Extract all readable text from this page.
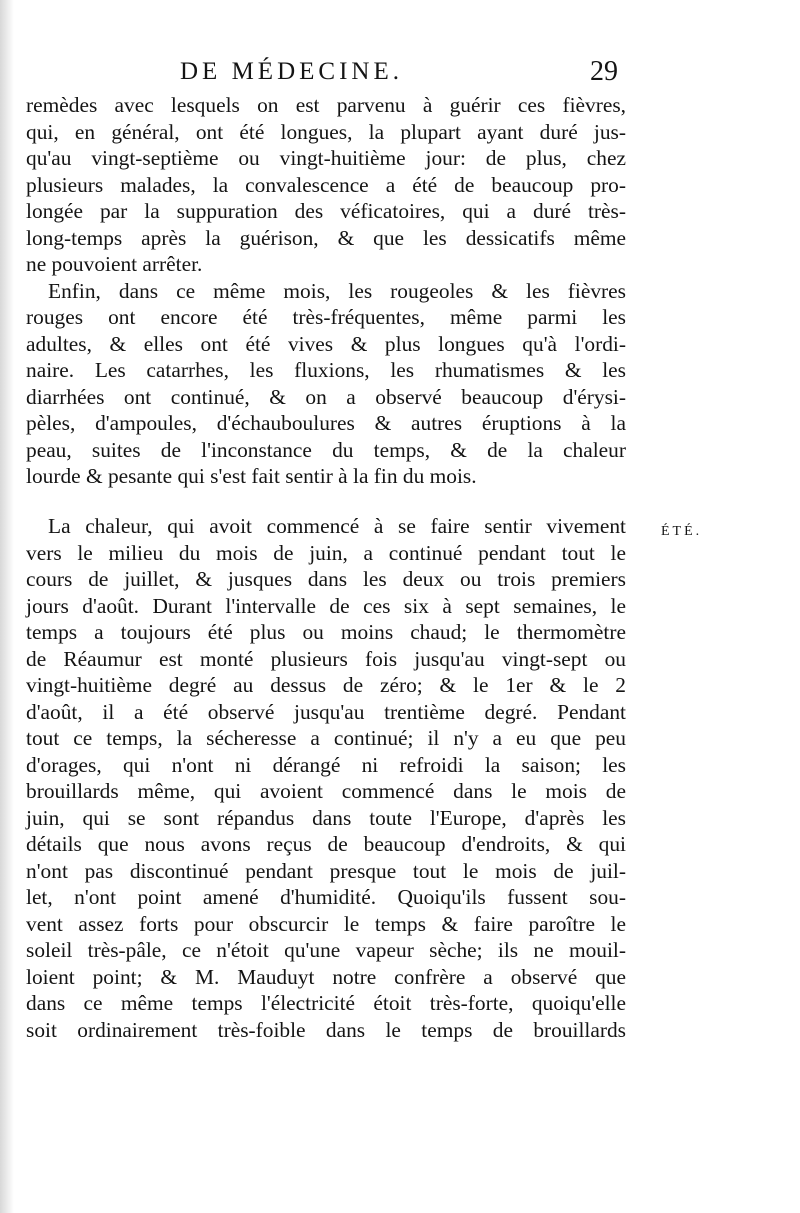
DE MÉDECINE.	29
remèdes avec lesquels on est parvenu à guérir ces fièvres,
qui, en général, ont été longues, la plupart ayant duré jus-
qu'au vingt-septième ou vingt-huitième jour: de plus, chez
plusieurs malades, la convalescence a été de beaucoup pro-
longée par la suppuration des véficatoires, qui a duré très-
long-temps après la guérison, & que les dessicatifs même
ne pouvoient arrêter.
Enfin, dans ce même mois, les rougeoles & les fièvres
rouges ont encore été très-fréquentes, même parmi les
adultes, & elles ont été vives & plus longues qu'à l'ordi-
naire. Les catarrhes, les fluxions, les rhumatismes & les
diarrhées ont continué, & on a observé beaucoup d'érysi-
pèles, d'ampoules, d'échauboulures & autres éruptions à la
peau, suites de l'inconstance du temps, & de la chaleur
lourde & pesante qui s'est fait sentir à la fin du mois.
La chaleur, qui avoit commencé à se faire sentir vivement
vers le milieu du mois de juin, a continué pendant tout le
cours de juillet, & jusques dans les deux ou trois premiers
jours d'août. Durant l'intervalle de ces six à sept semaines, le
temps a toujours été plus ou moins chaud; le thermomètre
de Réaumur est monté plusieurs fois jusqu'au vingt-sept ou
vingt-huitième degré au dessus de zéro; & le 1er & le 2
d'août, il a été observé jusqu'au trentième degré. Pendant
tout ce temps, la sécheresse a continué; il n'y a eu que peu
d'orages, qui n'ont ni dérangé ni refroidi la saison; les
brouillards même, qui avoient commencé dans le mois de
juin, qui se sont répandus dans toute l'Europe, d'après les
détails que nous avons reçus de beaucoup d'endroits, & qui
n'ont pas discontinué pendant presque tout le mois de juil-
let, n'ont point amené d'humidité. Quoiqu'ils fussent sou-
vent assez forts pour obscurcir le temps & faire paroître le
soleil très-pâle, ce n'étoit qu'une vapeur sèche; ils ne mouil-
loient point; & M. Mauduyt notre confrère a observé que
dans ce même temps l'électricité étoit très-forte, quoiqu'elle
soit ordinairement très-foible dans le temps de brouillards
ÉTÉ.
